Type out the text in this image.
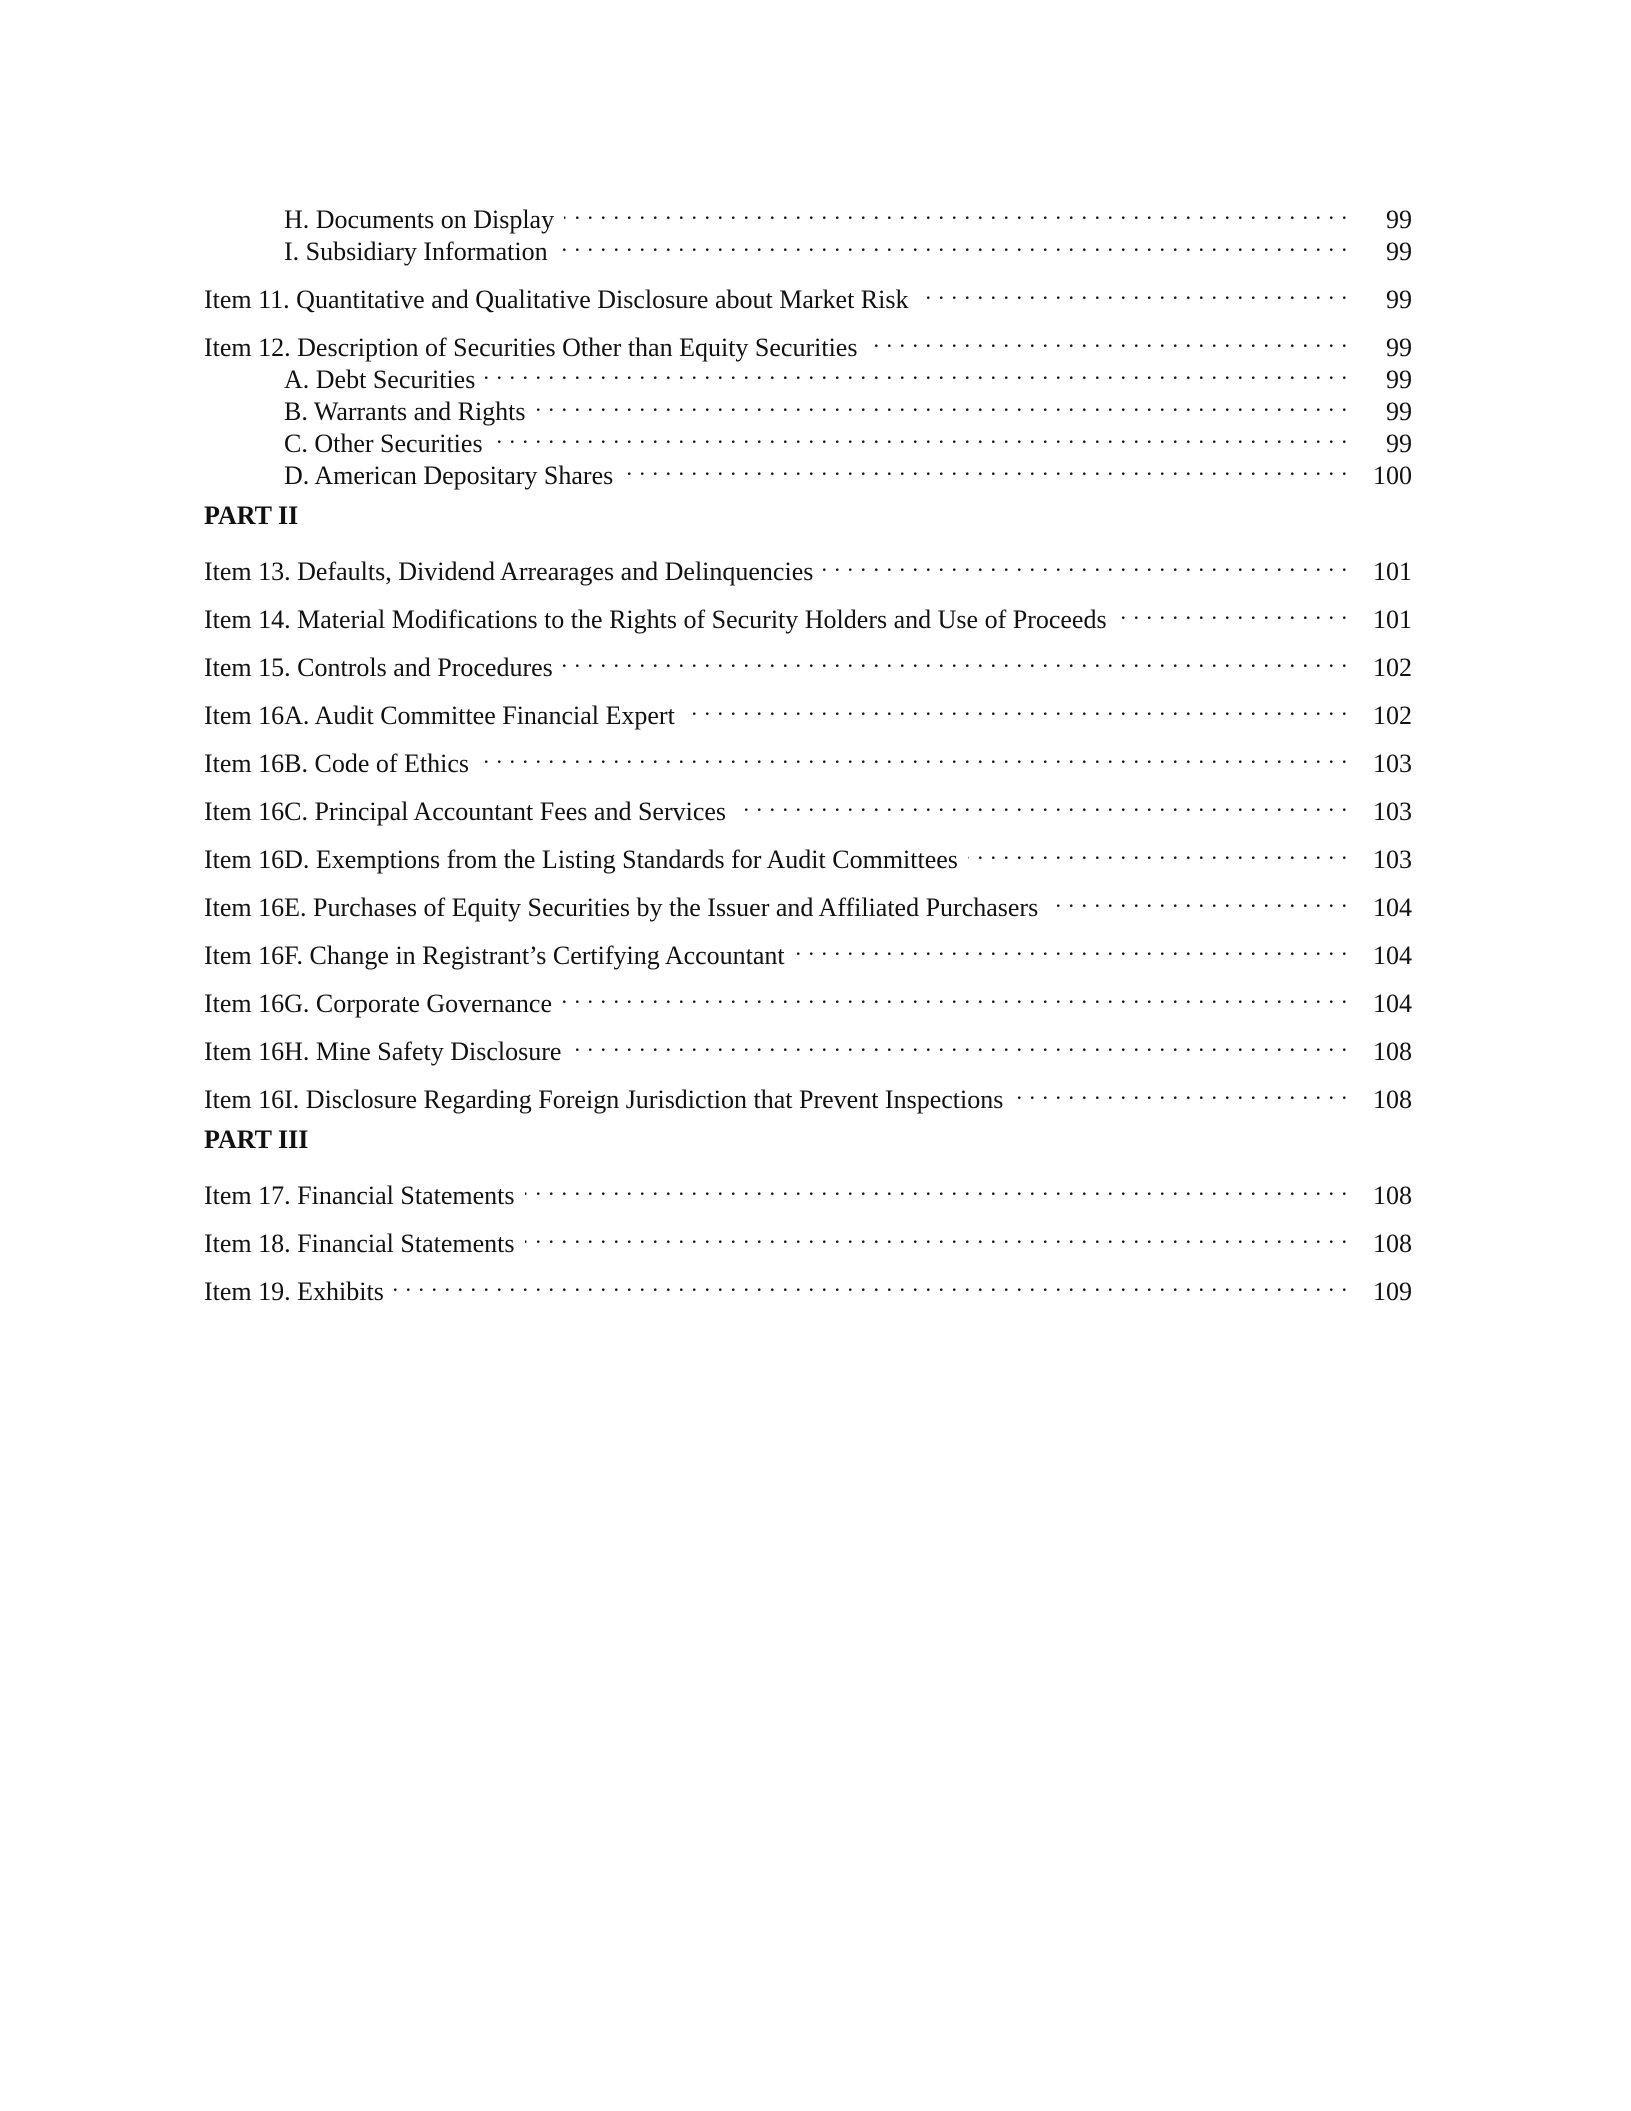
H. Documents on Display . . .	99
I. Subsidiary Information . . .	99
Item 11. Quantitative and Qualitative Disclosure about Market Risk . . .	99
Item 12. Description of Securities Other than Equity Securities . . .	99
A. Debt Securities . . .	99
B. Warrants and Rights . . .	99
C. Other Securities . . .	99
D. American Depositary Shares . . .	100
PART II
Item 13. Defaults, Dividend Arrearages and Delinquencies . . .	101
Item 14. Material Modifications to the Rights of Security Holders and Use of Proceeds . . .	101
Item 15. Controls and Procedures . . .	102
Item 16A. Audit Committee Financial Expert . . .	102
Item 16B. Code of Ethics . . .	103
Item 16C. Principal Accountant Fees and Services . . .	103
Item 16D. Exemptions from the Listing Standards for Audit Committees . . .	103
Item 16E. Purchases of Equity Securities by the Issuer and Affiliated Purchasers . . .	104
Item 16F. Change in Registrant’s Certifying Accountant . . .	104
Item 16G. Corporate Governance . . .	104
Item 16H. Mine Safety Disclosure . . .	108
Item 16I. Disclosure Regarding Foreign Jurisdiction that Prevent Inspections . . .	108
PART III
Item 17. Financial Statements . . .	108
Item 18. Financial Statements . . .	108
Item 19. Exhibits . . .	109
